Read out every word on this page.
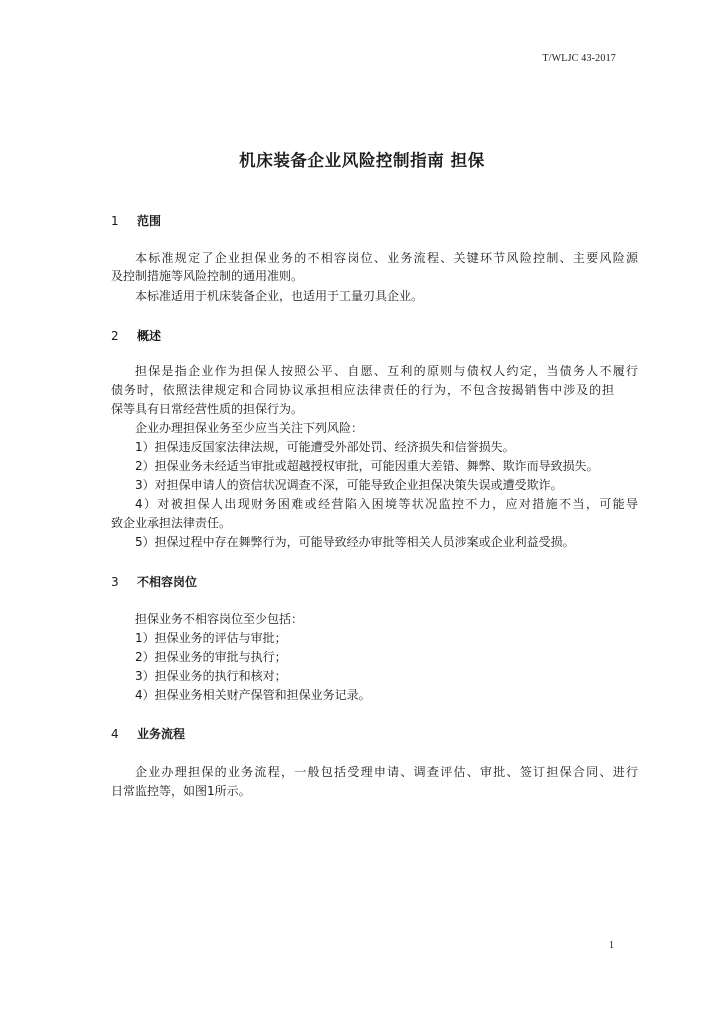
T/WLJC 43-2017
机床装备企业风险控制指南 担保
1 范围
本标准规定了企业担保业务的不相容岗位、业务流程、关键环节风险控制、主要风险源
及控制措施等风险控制的通用准则。
本标准适用于机床装备企业，也适用于工量刃具企业。
2 概述
担保是指企业作为担保人按照公平、自愿、互利的原则与债权人约定，当债务人不履行
债务时，依照法律规定和合同协议承担相应法律责任的行为，不包含按揭销售中涉及的担
保等具有日常经营性质的担保行为。
企业办理担保业务至少应当关注下列风险：
1）担保违反国家法律法规，可能遭受外部处罚、经济损失和信誉损失。
2）担保业务未经适当审批或超越授权审批，可能因重大差错、舞弊、欺诈而导致损失。
3）对担保申请人的资信状况调查不深，可能导致企业担保决策失误或遭受欺诈。
4）对被担保人出现财务困难或经营陷入困境等状况监控不力，应对措施不当，可能导
致企业承担法律责任。
5）担保过程中存在舞弊行为，可能导致经办审批等相关人员涉案或企业利益受损。
3 不相容岗位
担保业务不相容岗位至少包括：
1）担保业务的评估与审批；
2）担保业务的审批与执行；
3）担保业务的执行和核对；
4）担保业务相关财产保管和担保业务记录。
4 业务流程
企业办理担保的业务流程，一般包括受理申请、调查评估、审批、签订担保合同、进行
日常监控等，如图1所示。
1
